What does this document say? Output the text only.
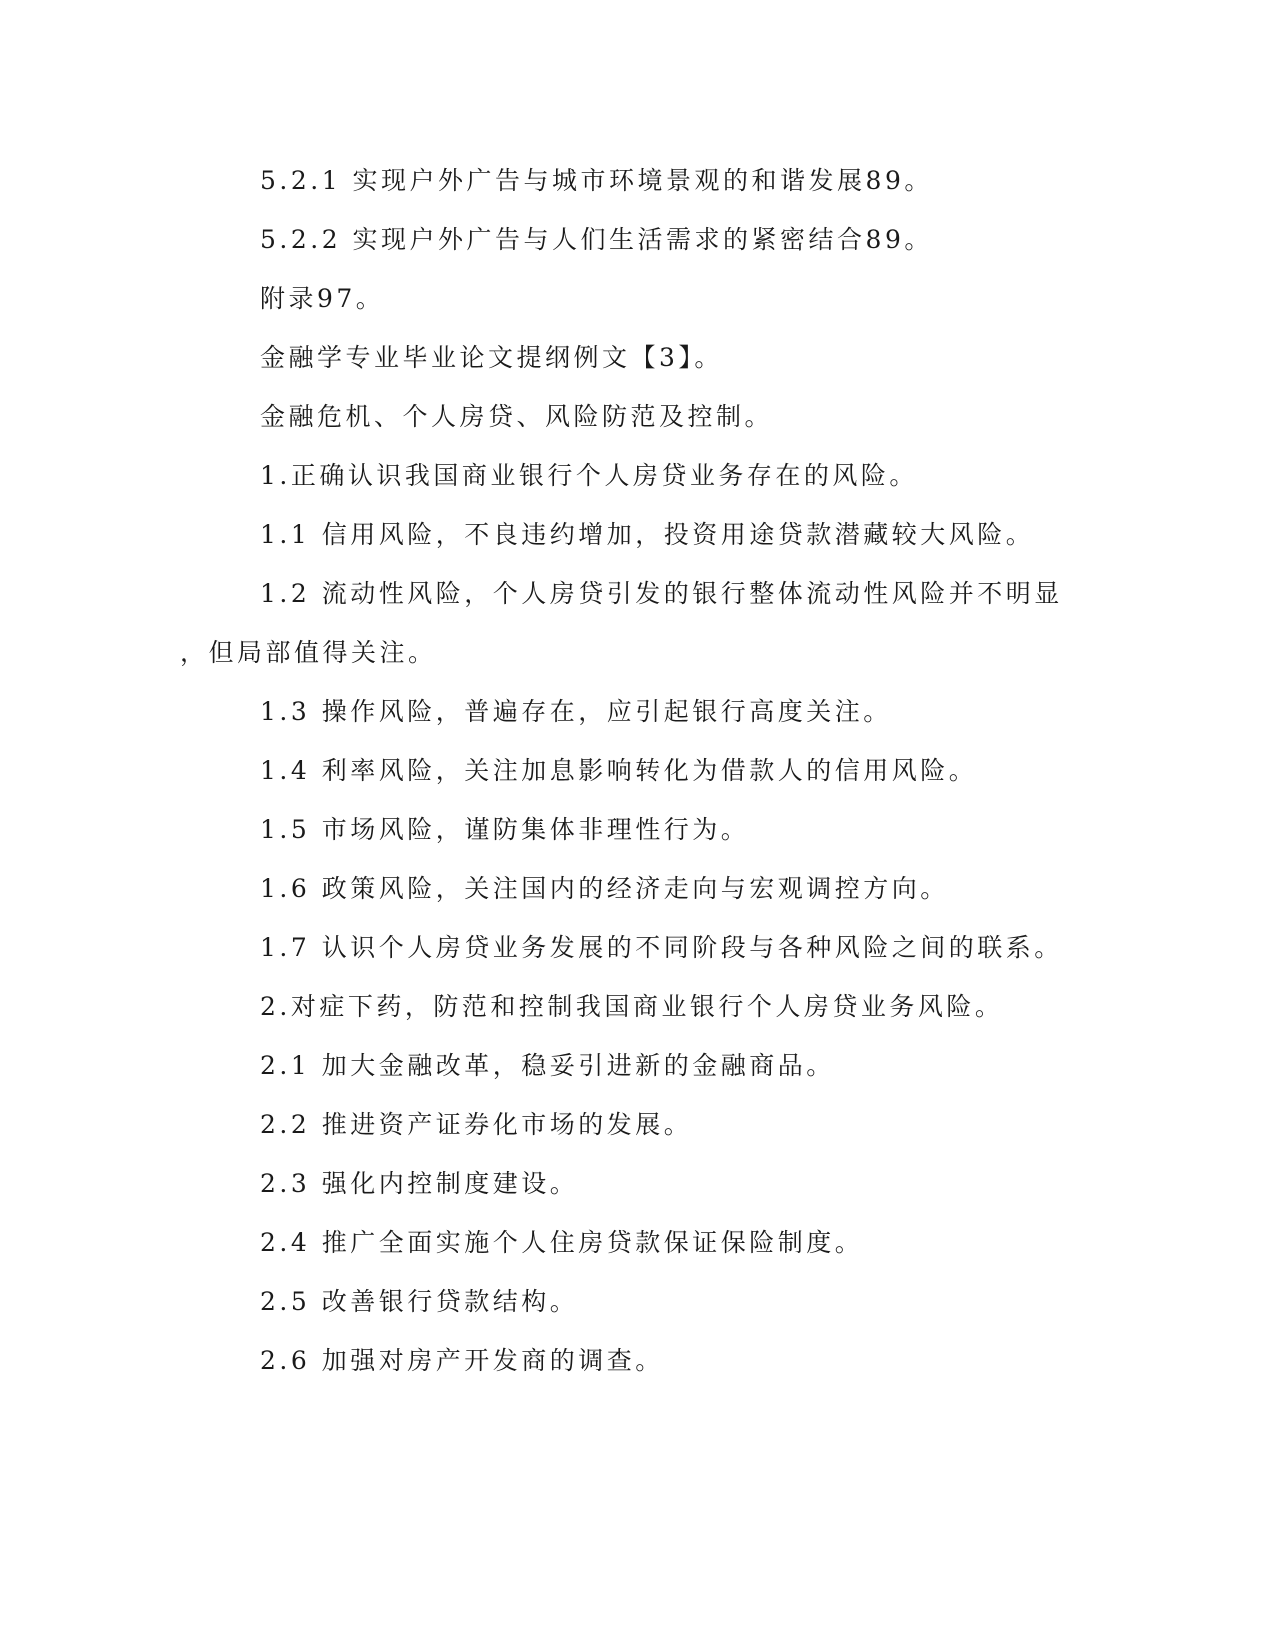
5.2.1 实现户外广告与城市环境景观的和谐发展89。
5.2.2 实现户外广告与人们生活需求的紧密结合89。
附录97。
金融学专业毕业论文提纲例文【3】。
金融危机、个人房贷、风险防范及控制。
1.正确认识我国商业银行个人房贷业务存在的风险。
1.1 信用风险，不良违约增加，投资用途贷款潜藏较大风险。
1.2 流动性风险，个人房贷引发的银行整体流动性风险并不明显
，但局部值得关注。
1.3 操作风险，普遍存在，应引起银行高度关注。
1.4 利率风险，关注加息影响转化为借款人的信用风险。
1.5 市场风险，谨防集体非理性行为。
1.6 政策风险，关注国内的经济走向与宏观调控方向。
1.7 认识个人房贷业务发展的不同阶段与各种风险之间的联系。
2.对症下药，防范和控制我国商业银行个人房贷业务风险。
2.1 加大金融改革，稳妥引进新的金融商品。
2.2 推进资产证券化市场的发展。
2.3 强化内控制度建设。
2.4 推广全面实施个人住房贷款保证保险制度。
2.5 改善银行贷款结构。
2.6 加强对房产开发商的调查。
